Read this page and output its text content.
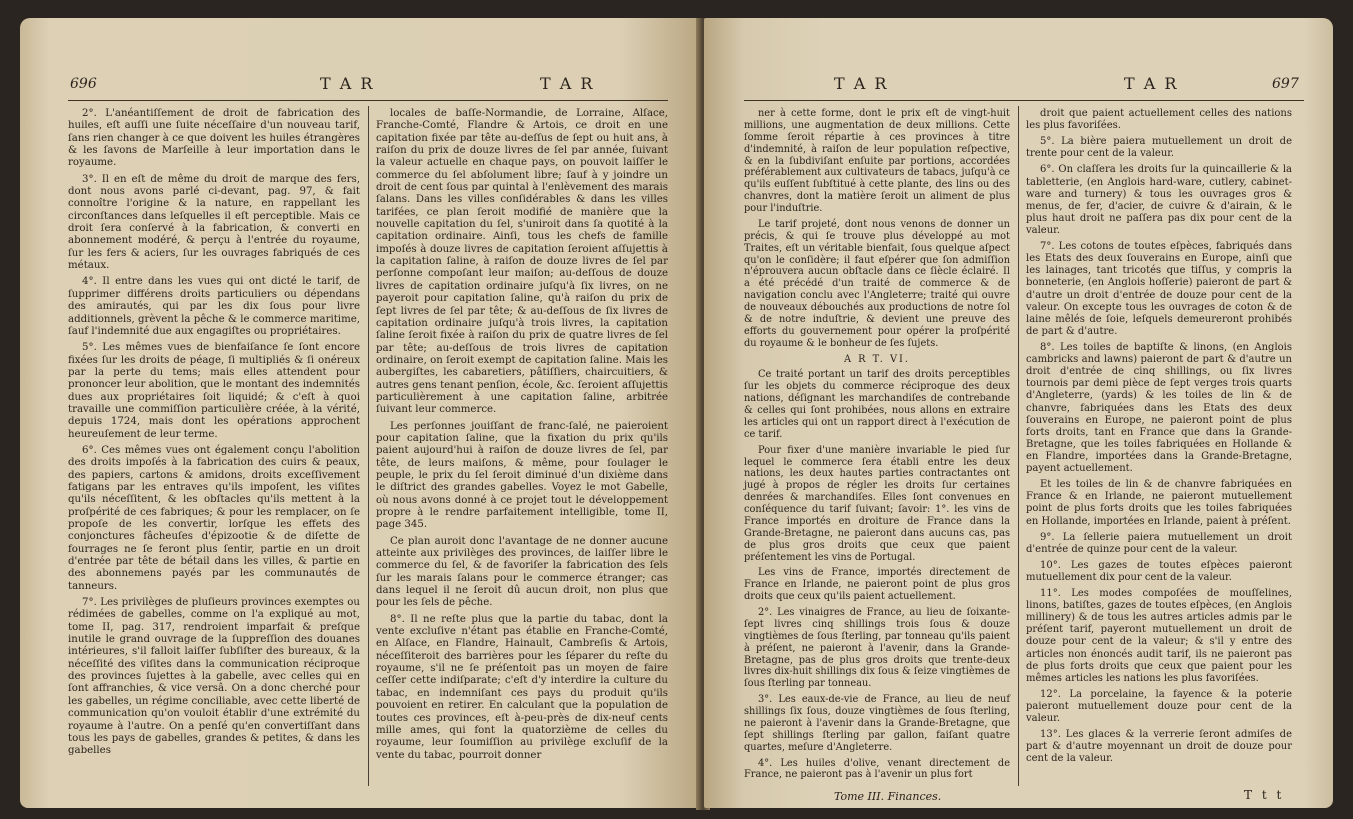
696	T A R	T A R

2°. L'anéantiſſement de droit de fabrication des huiles, eſt auſſi une ſuite néceſſaire d'un nouveau tarif, ſans rien changer à ce que doivent les huiles étrangères & les ſavons de Marſeille à leur importation dans le royaume.

3°. Il en eſt de même du droit de marque des fers, dont nous avons parlé ci-devant, pag. 97, & fait connoître l'origine & la nature, en rappellant les circonſtances dans leſquelles il eſt perceptible. Mais ce droit ſera conſervé à la fabrication, & converti en abonnement modéré, & perçu à l'entrée du royaume, ſur les fers & aciers, ſur les ouvrages fabriqués de ces métaux.

4°. Il entre dans les vues qui ont dicté le tarif, de ſupprimer différens droits particuliers ou dépendans des amirautés, qui par les dix ſous pour livre additionnels, grèvent la pêche & le commerce maritime, ſauf l'indemnité due aux engagiſtes ou propriétaires.

5°. Les mêmes vues de bienfaiſance ſe ſont encore fixées ſur les droits de péage, ſi multipliés & ſi onéreux par la perte du tems; mais elles attendent pour prononcer leur abolition, que le montant des indemnités dues aux propriétaires ſoit liquidé; & c'eſt à quoi travaille une commiſſion particulière créée, à la vérité, depuis 1724, mais dont les opérations approchent heureuſement de leur terme.

6°. Ces mêmes vues ont également conçu l'abolition des droits impoſés à la fabrication des cuirs & peaux, des papiers, cartons & amidons, droits exceſſivement fatigans par les entraves qu'ils impoſent, les viſites qu'ils néceſſitent, & les obſtacles qu'ils mettent à la proſpérité de ces fabriques; & pour les remplacer, on ſe propoſe de les convertir, lorſque les effets des conjonctures fâcheuſes d'épizootie & de diſette de fourrages ne ſe feront plus ſentir, partie en un droit d'entrée par tête de bétail dans les villes, & partie en des abonnemens payés par les communautés de tanneurs.

7°. Les privilèges de pluſieurs provinces exemptes ou rédimées de gabelles, comme on l'a expliqué au mot, tome II, pag. 317, rendroient imparfait & preſque inutile le grand ouvrage de la ſuppreſſion des douanes intérieures, s'il falloit laiſſer ſubſiſter des bureaux, & la néceſſité des viſites dans la communication réciproque des provinces ſujettes à la gabelle, avec celles qui en ſont affranchies, & vice versâ. On a donc cherché pour les gabelles, un régime conciliable, avec cette liberté de communication qu'on vouloit établir d'une extrémité du royaume à l'autre. On a penſé qu'en convertiſſant dans tous les pays de gabelles, grandes & petites, & dans les gabelles

locales de baſſe-Normandie, de Lorraine, Alſace, Franche-Comté, Flandre & Artois, ce droit en une capitation fixée par tête au-deſſus de ſept ou huit ans, à raiſon du prix de douze livres de ſel par année, ſuivant la valeur actuelle en chaque pays, on pouvoit laiſſer le commerce du ſel abſolument libre; ſauf à y joindre un droit de cent ſous par quintal à l'enlèvement des marais ſalans. Dans les villes conſidérables & dans les villes tarifées, ce plan ſeroit modifié de manière que la nouvelle capitation du ſel, s'uniroit dans ſa quotité à la capitation ordinaire. Ainſi, tous les chefs de famille impoſés à douze livres de capitation ſeroient aſſujettis à la capitation ſaline, à raiſon de douze livres de ſel par perſonne compoſant leur maiſon; au-deſſous de douze livres de capitation ordinaire juſqu'à ſix livres, on ne payeroit pour capitation ſaline, qu'à raiſon du prix de ſept livres de ſel par tête; & au-deſſous de ſix livres de capitation ordinaire juſqu'à trois livres, la capitation ſaline ſeroit fixée à raiſon du prix de quatre livres de ſel par tête; au-deſſous de trois livres de capitation ordinaire, on ſeroit exempt de capitation ſaline. Mais les aubergiſtes, les cabaretiers, pâtiſſiers, chaircuitiers, & autres gens tenant penſion, école, &c. ſeroient aſſujettis particulièrement à une capitation ſaline, arbitrée ſuivant leur commerce.

Les perſonnes jouiſſant de franc-ſalé, ne paieroient pour capitation ſaline, que la fixation du prix qu'ils paient aujourd'hui à raiſon de douze livres de ſel, par tête, de leurs maiſons, & même, pour ſoulager le peuple, le prix du ſel ſeroit diminué d'un dixième dans le diſtrict des grandes gabelles. Voyez le mot Gabelle, où nous avons donné à ce projet tout le développement propre à le rendre parfaitement intelligible, tome II, page 345.

Ce plan auroit donc l'avantage de ne donner aucune atteinte aux privilèges des provinces, de laiſſer libre le commerce du ſel, & de favoriſer la fabrication des ſels ſur les marais ſalans pour le commerce étranger; cas dans lequel il ne ſeroit dû aucun droit, non plus que pour les ſels de pêche.

8°. Il ne reſte plus que la partie du tabac, dont la vente excluſive n'étant pas établie en Franche-Comté, en Alſace, en Flandre, Hainault, Cambreſis & Artois, néceſſiteroit des barrières pour les ſéparer du reſte du royaume, s'il ne ſe préſentoit pas un moyen de faire ceſſer cette indiſparate; c'eſt d'y interdire la culture du tabac, en indemniſant ces pays du produit qu'ils pouvoient en retirer. En calculant que la population de toutes ces provinces, eſt à-peu-près de dix-neuf cents mille ames, qui font la quatorzième de celles du royaume, leur ſoumiſſion au privilège excluſif de la vente du tabac, pourroit donner

T A R	T A R	697

ner à cette forme, dont le prix eſt de vingt-huit millions, une augmentation de deux millions. Cette ſomme ſeroit répartie à ces provinces à titre d'indemnité, à raiſon de leur population reſpective, & en la ſubdiviſant enſuite par portions, accordées préférablement aux cultivateurs de tabacs, juſqu'à ce qu'ils euſſent ſubſtitué à cette plante, des lins ou des chanvres, dont la matière ſeroit un aliment de plus pour l'induſtrie.

Le tarif projeté, dont nous venons de donner un précis, & qui ſe trouve plus développé au mot Traites, eſt un véritable bienfait, ſous quelque aſpect qu'on le conſidère; il faut eſpérer que ſon admiſſion n'éprouvera aucun obſtacle dans ce ſiècle éclairé. Il a été précédé d'un traité de commerce & de navigation conclu avec l'Angleterre; traité qui ouvre de nouveaux débouchés aux productions de notre ſol & de notre induſtrie, & devient une preuve des efforts du gouvernement pour opérer la proſpérité du royaume & le bonheur de ſes ſujets.

A R T. VI.

Ce traité portant un tarif des droits perceptibles ſur les objets du commerce réciproque des deux nations, déſignant les marchandiſes de contrebande & celles qui ſont prohibées, nous allons en extraire les articles qui ont un rapport direct à l'exécution de ce tarif.

Pour fixer d'une manière invariable le pied ſur lequel le commerce ſera établi entre les deux nations, les deux hautes parties contractantes ont jugé à propos de régler les droits ſur certaines denrées & marchandiſes. Elles ſont convenues en conſéquence du tarif ſuivant; ſavoir: 1°. les vins de France importés en droiture de France dans la Grande-Bretagne, ne paieront dans aucuns cas, pas de plus gros droits que ceux que paient préſentement les vins de Portugal.

Les vins de France, importés directement de France en Irlande, ne paieront point de plus gros droits que ceux qu'ils paient actuellement.

2°. Les vinaigres de France, au lieu de ſoixante-ſept livres cinq shillings trois ſous & douze vingtièmes de ſous ſterling, par tonneau qu'ils paient à préſent, ne paieront à l'avenir, dans la Grande-Bretagne, pas de plus gros droits que trente-deux livres dix-huit shillings dix ſous & ſeize vingtièmes de ſous ſterling par tonneau.

3°. Les eaux-de-vie de France, au lieu de neuf shillings ſix ſous, douze vingtièmes de ſous ſterling, ne paieront à l'avenir dans la Grande-Bretagne, que ſept shillings ſterling par gallon, faiſant quatre quartes, meſure d'Angleterre.

4°. Les huiles d'olive, venant directement de France, ne paieront pas à l'avenir un plus fort

droit que paient actuellement celles des nations les plus favoriſées.

5°. La bière paiera mutuellement un droit de trente pour cent de la valeur.

6°. On claſſera les droits ſur la quincaillerie & la tabletterie, (en Anglois hard-ware, cutlery, cabinet-ware and turnery) & tous les ouvrages gros & menus, de fer, d'acier, de cuivre & d'airain, & le plus haut droit ne paſſera pas dix pour cent de la valeur.

7°. Les cotons de toutes eſpèces, fabriqués dans les Etats des deux ſouverains en Europe, ainſi que les lainages, tant tricotés que tiſſus, y compris la bonneterie, (en Anglois hoſſerie) paieront de part & d'autre un droit d'entrée de douze pour cent de la valeur. On excepte tous les ouvrages de coton & de laine mêlés de ſoie, leſquels demeureront prohibés de part & d'autre.

8°. Les toiles de baptiſte & linons, (en Anglois cambricks and lawns) paieront de part & d'autre un droit d'entrée de cinq shillings, ou ſix livres tournois par demi pièce de ſept verges trois quarts d'Angleterre, (yards) & les toiles de lin & de chanvre, fabriquées dans les Etats des deux ſouverains en Europe, ne paieront point de plus forts droits, tant en France que dans la Grande-Bretagne, que les toiles fabriquées en Hollande & en Flandre, importées dans la Grande-Bretagne, payent actuellement.

Et les toiles de lin & de chanvre fabriquées en France & en Irlande, ne paieront mutuellement point de plus forts droits que les toiles fabriquées en Hollande, importées en Irlande, paient à préſent.

9°. La ſellerie paiera mutuellement un droit d'entrée de quinze pour cent de la valeur.

10°. Les gazes de toutes eſpèces paieront mutuellement dix pour cent de la valeur.

11°. Les modes compoſées de mouſſelines, linons, batiſtes, gazes de toutes eſpèces, (en Anglois millinery) & de tous les autres articles admis par le préſent tarif, payeront mutuellement un droit de douze pour cent de la valeur; & s'il y entre des articles non énoncés audit tarif, ils ne paieront pas de plus forts droits que ceux que paient pour les mêmes articles les nations les plus favoriſées.

12°. La porcelaine, la fayence & la poterie paieront mutuellement douze pour cent de la valeur.

13°. Les glaces & la verrerie ſeront admiſes de part & d'autre moyennant un droit de douze pour cent de la valeur.

Tome III. Finances.	T t t
